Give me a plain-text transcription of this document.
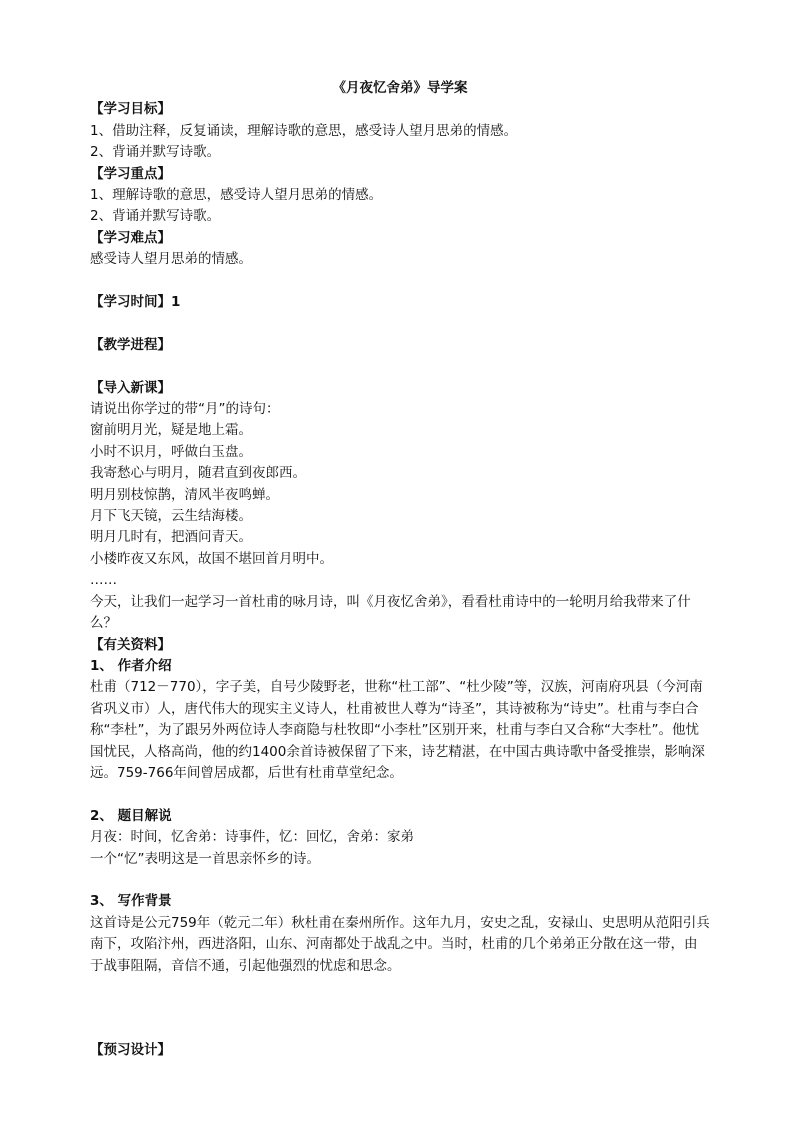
《月夜忆舍弟》导学案
【学习目标】
1、借助注释，反复诵读，理解诗歌的意思，感受诗人望月思弟的情感。
2、背诵并默写诗歌。
【学习重点】
1、理解诗歌的意思，感受诗人望月思弟的情感。
2、背诵并默写诗歌。
【学习难点】
感受诗人望月思弟的情感。
【学习时间】1
【教学进程】
【导入新课】
请说出你学过的带“月”的诗句：
窗前明月光，疑是地上霜。
小时不识月，呼做白玉盘。
我寄愁心与明月，随君直到夜郎西。
明月别枝惊鹊，清风半夜鸣蝉。
月下飞天镜，云生结海楼。
明月几时有，把酒问青天。
小楼昨夜又东风，故国不堪回首月明中。
……
今天，让我们一起学习一首杜甫的咏月诗，叫《月夜忆舍弟》，看看杜甫诗中的一轮明月给我带来了什么？
【有关资料】
1、 作者介绍
杜甫（712－770），字子美，自号少陵野老，世称“杜工部”、“杜少陵”等，汉族，河南府巩县（今河南省巩义市）人，唐代伟大的现实主义诗人，杜甫被世人尊为“诗圣”，其诗被称为“诗史”。杜甫与李白合称“李杜”，为了跟另外两位诗人李商隐与杜牧即“小李杜”区别开来，杜甫与李白又合称“大李杜”。他忧国忧民，人格高尚，他的约1400余首诗被保留了下来，诗艺精湛，在中国古典诗歌中备受推崇，影响深远。759-766年间曾居成都，后世有杜甫草堂纪念。
2、 题目解说
月夜：时间，忆舍弟：诗事件，忆：回忆，舍弟：家弟
一个“忆”表明这是一首思亲怀乡的诗。
3、 写作背景
这首诗是公元759年（乾元二年）秋杜甫在秦州所作。这年九月，安史之乱，安禄山、史思明从范阳引兵南下，攻陷汴州，西进洛阳，山东、河南都处于战乱之中。当时，杜甫的几个弟弟正分散在这一带，由于战事阻隔，音信不通，引起他强烈的忧虑和思念。
【预习设计】
